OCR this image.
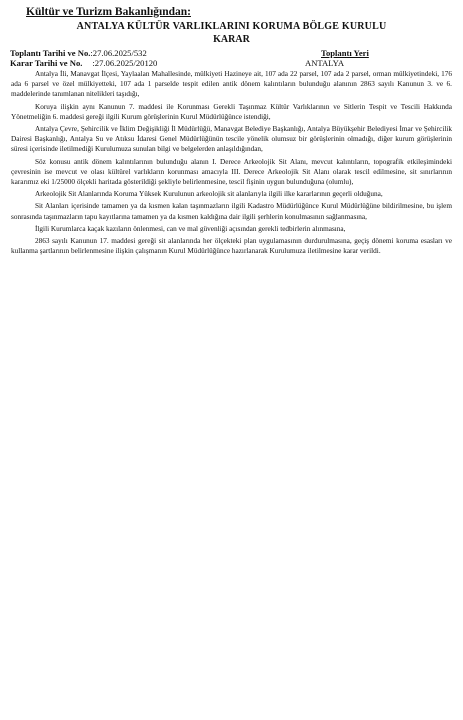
Kültür ve Turizm Bakanlığından:
ANTALYA KÜLTÜR VARLIKLARINI KORUMA BÖLGE KURULU
KARAR
Toplantı Tarihi ve No.:27.06.2025/532	Toplantı Yeri
Karar Tarihi ve No. :27.06.2025/20120	ANTALYA

Antalya İli, Manavgat İlçesi, Yaylaalan Mahallesinde, mülkiyeti Hazineye ait, 107 ada 22 parsel, 107 ada 2 parsel, orman mülkiyetindeki, 176 ada 6 parsel ve özel mülkiyetteki, 107 ada 1 parselde tespit edilen antik dönem kalıntıların bulunduğu alanının 2863 sayılı Kanunun 3. ve 6. maddelerinde tanımlanan nitelikleri taşıdığı,

Koruya ilişkin aynı Kanunun 7. maddesi ile Korunması Gerekli Taşınmaz Kültür Varlıklarının ve Sitlerin Tespit ve Tescili Hakkında Yönetmeliğin 6. maddesi gereği ilgili Kurum görüşlerinin Kurul Müdürlüğünce istendiği,

Antalya Çevre, Şehircilik ve İklim Değişikliği İl Müdürlüğü, Manavgat Belediye Başkanlığı, Antalya Büyükşehir Belediyesi İmar ve Şehircilik Dairesi Başkanlığı, Antalya Su ve Atıksu İdaresi Genel Müdürlüğünün tescile yönelik olumsuz bir görüşlerinin olmadığı, diğer kurum görüşlerinin süresi içerisinde iletilmediği Kurulumuza sunulan bilgi ve belgelerden anlaşıldığından,

Söz konusu antik dönem kalıntılarının bulunduğu alanın I. Derece Arkeolojik Sit Alanı, mevcut kalıntıların, topografik etkileşimindeki çevresinin ise mevcut ve olası kültürel varlıkların korunması amacıyla III. Derece Arkeolojik Sit Alanı olarak tescil edilmesine, sit sınırlarının kararımız eki 1/25000 ölçekli haritada gösterildiği şekliyle belirlenmesine, tescil fişinin uygun bulunduğuna (olumlu),

Arkeolojik Sit Alanlarında Koruma Yüksek Kurulunun arkeolojik sit alanlarıyla ilgili ilke kararlarının geçerli olduğuna,

Sit Alanları içerisinde tamamen ya da kısmen kalan taşınmazların ilgili Kadastro Müdürlüğünce Kurul Müdürlüğüne bildirilmesine, bu işlem sonrasında taşınmazların tapu kayıtlarına tamamen ya da kısmen kaldığına dair ilgili şerhlerin konulmasının sağlanmasına,

İlgili Kurumlarca kaçak kazıların önlenmesi, can ve mal güvenliği açısından gerekli tedbirlerin alınmasına,

2863 sayılı Kanunun 17. maddesi gereği sit alanlarında her ölçekteki plan uygulamasının durdurulmasına, geçiş dönemi koruma esasları ve kullanma şartlarının belirlenmesine ilişkin çalışmanın Kurul Müdürlüğünce hazırlanarak Kurulumuza iletilmesine karar verildi.
